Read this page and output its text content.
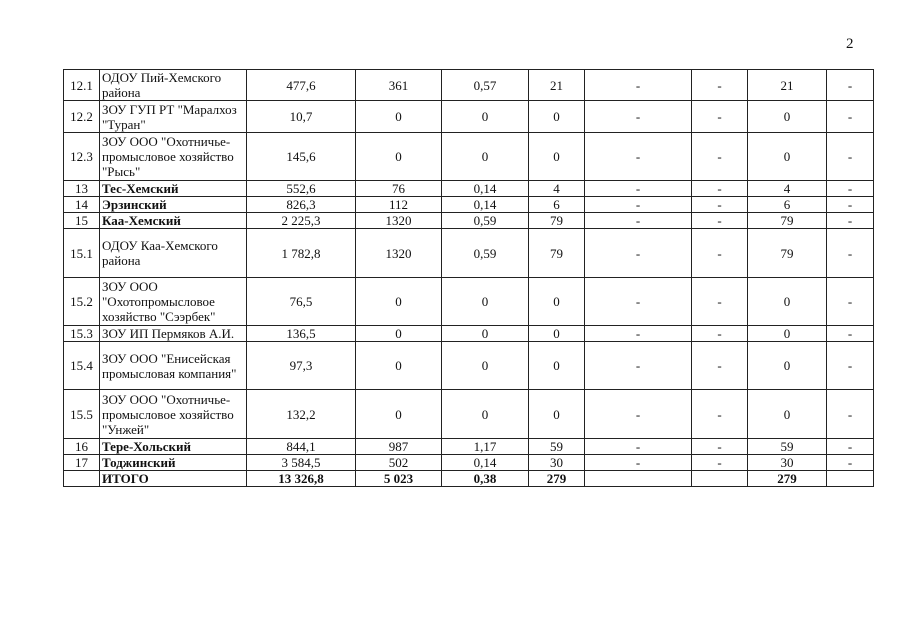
2
12.1	ОДОУ Пий-Хемского района	477,6	361	0,57	21	-	-	21	-
12.2	ЗОУ ГУП РТ "Маралхоз "Туран"	10,7	0	0	0	-	-	0	-
12.3	ЗОУ ООО "Охотничье-промысловое хозяйство "Рысь"	145,6	0	0	0	-	-	0	-
13	Тес-Хемский	552,6	76	0,14	4	-	-	4	-
14	Эрзинский	826,3	112	0,14	6	-	-	6	-
15	Каа-Хемский	2 225,3	1320	0,59	79	-	-	79	-
15.1	ОДОУ Каа-Хемского района	1 782,8	1320	0,59	79	-	-	79	-
15.2	ЗОУ ООО "Охотопромысловое хозяйство "Сээрбек"	76,5	0	0	0	-	-	0	-
15.3	ЗОУ ИП Пермяков А.И.	136,5	0	0	0	-	-	0	-
15.4	ЗОУ ООО "Енисейская промысловая компания"	97,3	0	0	0	-	-	0	-
15.5	ЗОУ ООО "Охотничье-промысловое хозяйство "Унжей"	132,2	0	0	0	-	-	0	-
16	Тере-Хольский	844,1	987	1,17	59	-	-	59	-
17	Тоджинский	3 584,5	502	0,14	30	-	-	30	-
	ИТОГО	13 326,8	5 023	0,38	279			279	
